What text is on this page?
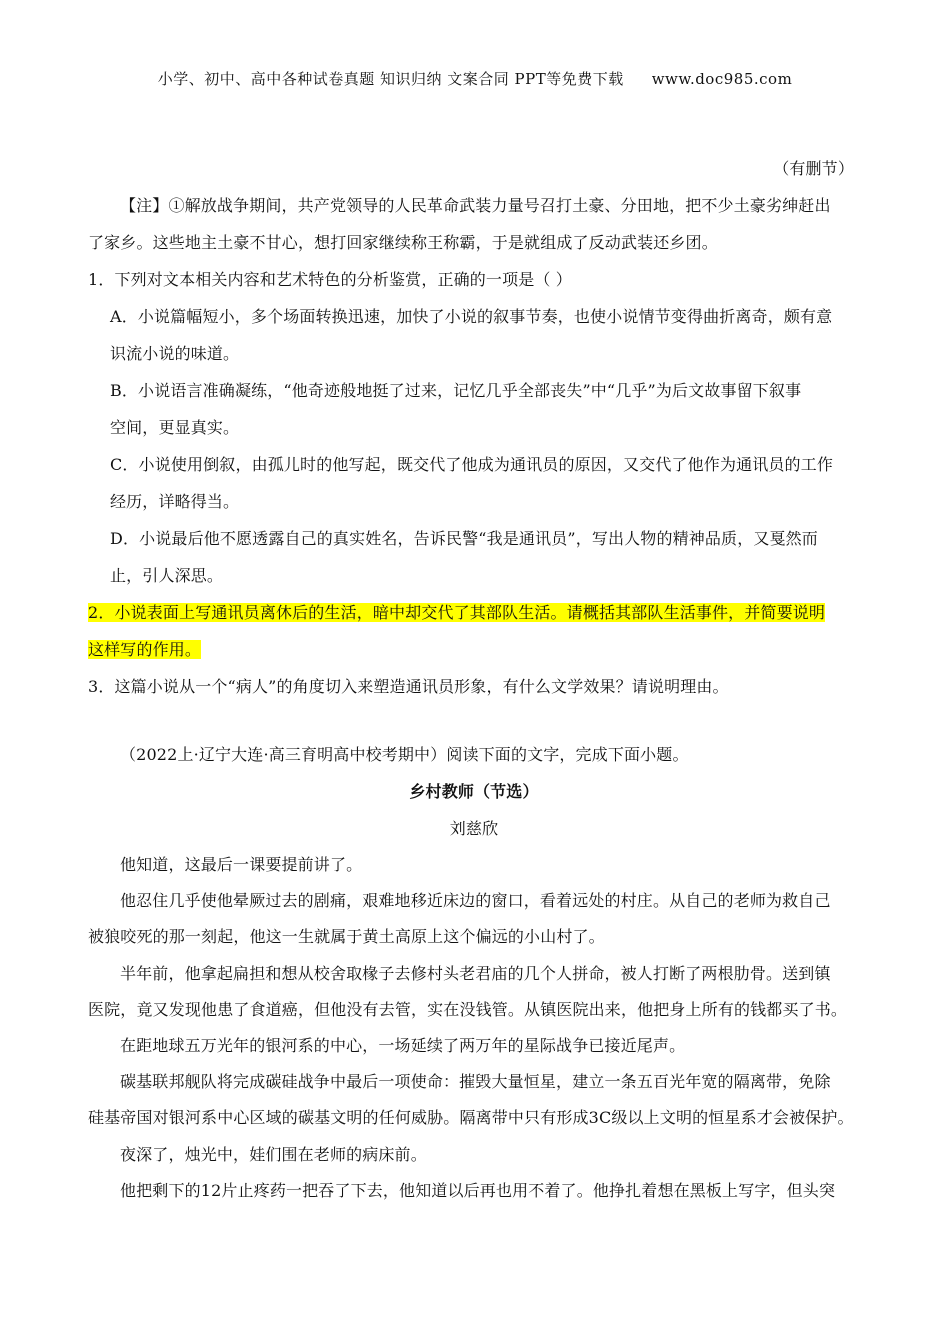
小学、初中、高中各种试卷真题 知识归纳 文案合同 PPT等免费下载 www.doc985.com
（有删节）
【注】①解放战争期间，共产党领导的人民革命武装力量号召打土豪、分田地，把不少土豪劣绅赶出
了家乡。这些地主土豪不甘心，想打回家继续称王称霸，于是就组成了反动武装还乡团。
1．下列对文本相关内容和艺术特色的分析鉴赏，正确的一项是（ ）
A．小说篇幅短小，多个场面转换迅速，加快了小说的叙事节奏，也使小说情节变得曲折离奇，颇有意
识流小说的味道。
B．小说语言准确凝练，“他奇迹般地挺了过来，记忆几乎全部丧失”中“几乎”为后文故事留下叙事
空间，更显真实。
C．小说使用倒叙，由孤儿时的他写起，既交代了他成为通讯员的原因，又交代了他作为通讯员的工作
经历，详略得当。
D．小说最后他不愿透露自己的真实姓名，告诉民警“我是通讯员”，写出人物的精神品质，又戛然而
止，引人深思。
2．小说表面上写通讯员离休后的生活，暗中却交代了其部队生活。请概括其部队生活事件，并简要说明
这样写的作用。
3．这篇小说从一个“病人”的角度切入来塑造通讯员形象，有什么文学效果？请说明理由。
（2022上·辽宁大连·高三育明高中校考期中）阅读下面的文字，完成下面小题。
乡村教师（节选）
刘慈欣
他知道，这最后一课要提前讲了。
他忍住几乎使他晕厥过去的剧痛，艰难地移近床边的窗口，看着远处的村庄。从自己的老师为救自己
被狼咬死的那一刻起，他这一生就属于黄土高原上这个偏远的小山村了。
半年前，他拿起扁担和想从校舍取椽子去修村头老君庙的几个人拼命，被人打断了两根肋骨。送到镇
医院，竟又发现他患了食道癌，但他没有去管，实在没钱管。从镇医院出来，他把身上所有的钱都买了书。
在距地球五万光年的银河系的中心，一场延续了两万年的星际战争已接近尾声。
碳基联邦舰队将完成碳硅战争中最后一项使命：摧毁大量恒星，建立一条五百光年宽的隔离带，免除
硅基帝国对银河系中心区域的碳基文明的任何威胁。隔离带中只有形成3C级以上文明的恒星系才会被保护。
夜深了，烛光中，娃们围在老师的病床前。
他把剩下的12片止疼药一把吞了下去，他知道以后再也用不着了。他挣扎着想在黑板上写字，但头突
